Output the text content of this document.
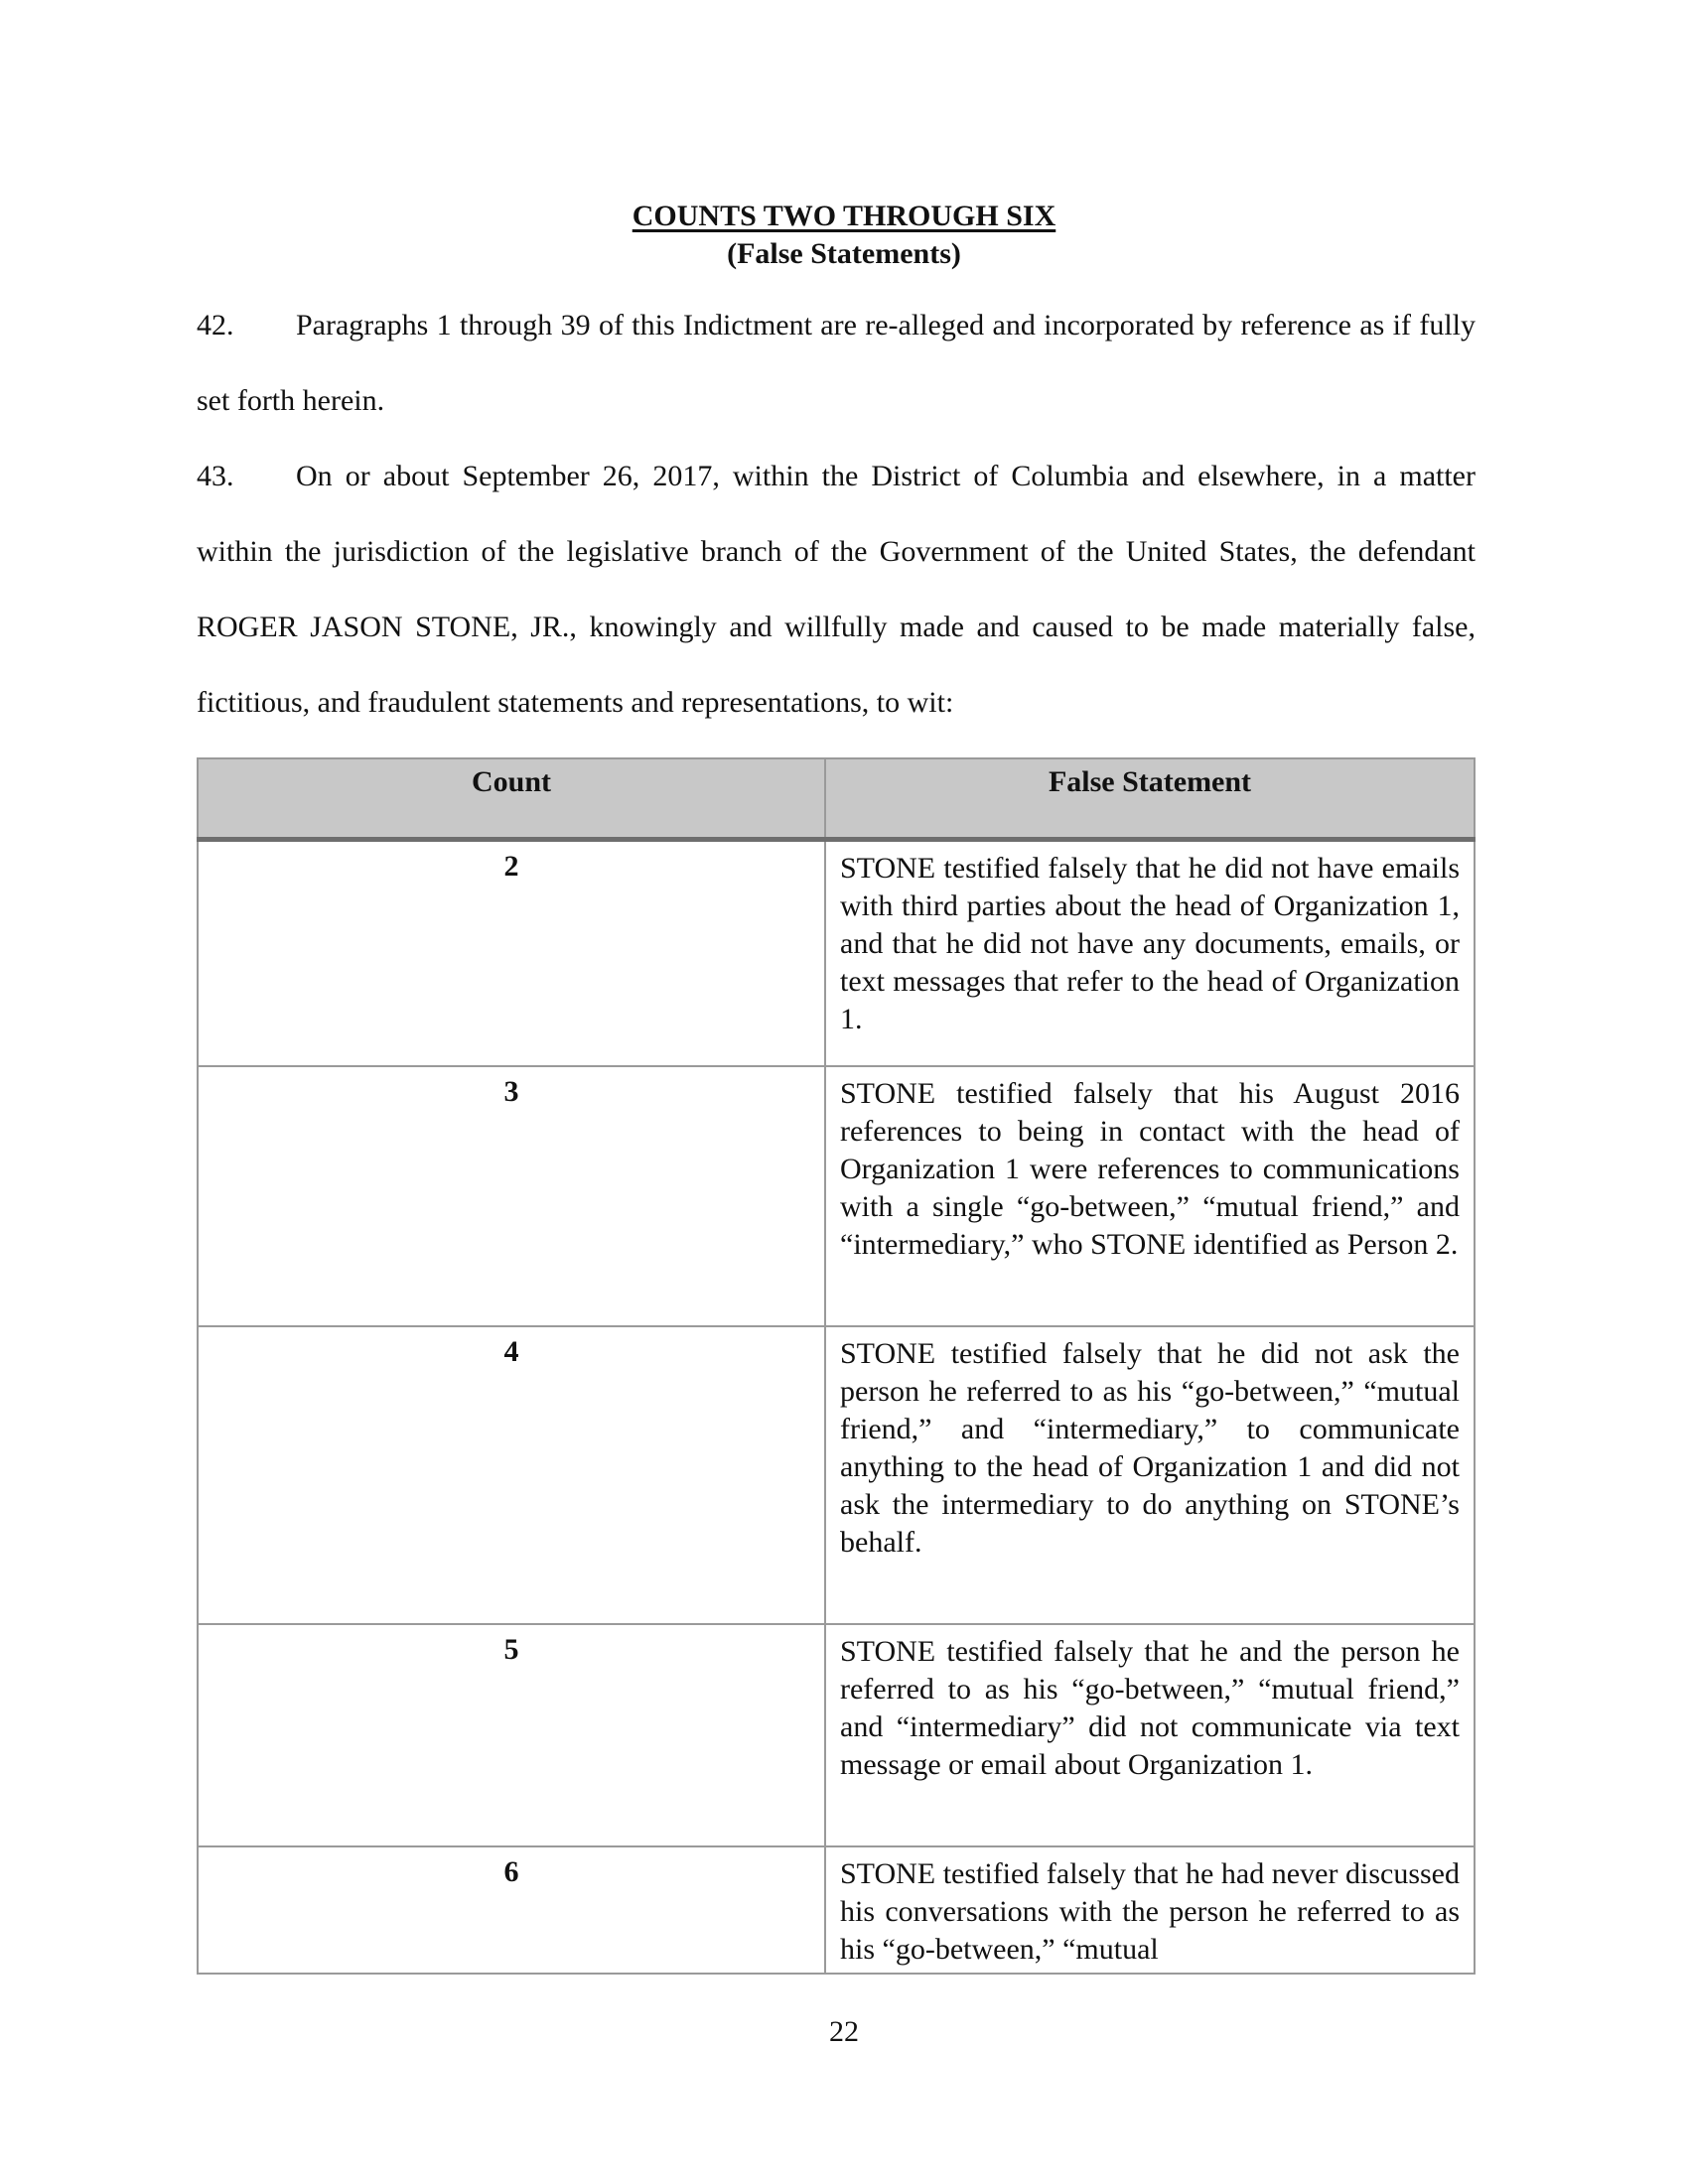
COUNTS TWO THROUGH SIX
(False Statements)
42. Paragraphs 1 through 39 of this Indictment are re-alleged and incorporated by reference as if fully set forth herein.
43. On or about September 26, 2017, within the District of Columbia and elsewhere, in a matter within the jurisdiction of the legislative branch of the Government of the United States, the defendant ROGER JASON STONE, JR., knowingly and willfully made and caused to be made materially false, fictitious, and fraudulent statements and representations, to wit:
Count	False Statement
2	STONE testified falsely that he did not have emails with third parties about the head of Organization 1, and that he did not have any documents, emails, or text messages that refer to the head of Organization 1.
3	STONE testified falsely that his August 2016 references to being in contact with the head of Organization 1 were references to communications with a single “go-between,” “mutual friend,” and “intermediary,” who STONE identified as Person 2.
4	STONE testified falsely that he did not ask the person he referred to as his “go-between,” “mutual friend,” and “intermediary,” to communicate anything to the head of Organization 1 and did not ask the intermediary to do anything on STONE’s behalf.
5	STONE testified falsely that he and the person he referred to as his “go-between,” “mutual friend,” and “intermediary” did not communicate via text message or email about Organization 1.
6	STONE testified falsely that he had never discussed his conversations with the person he referred to as his “go-between,” “mutual
22
